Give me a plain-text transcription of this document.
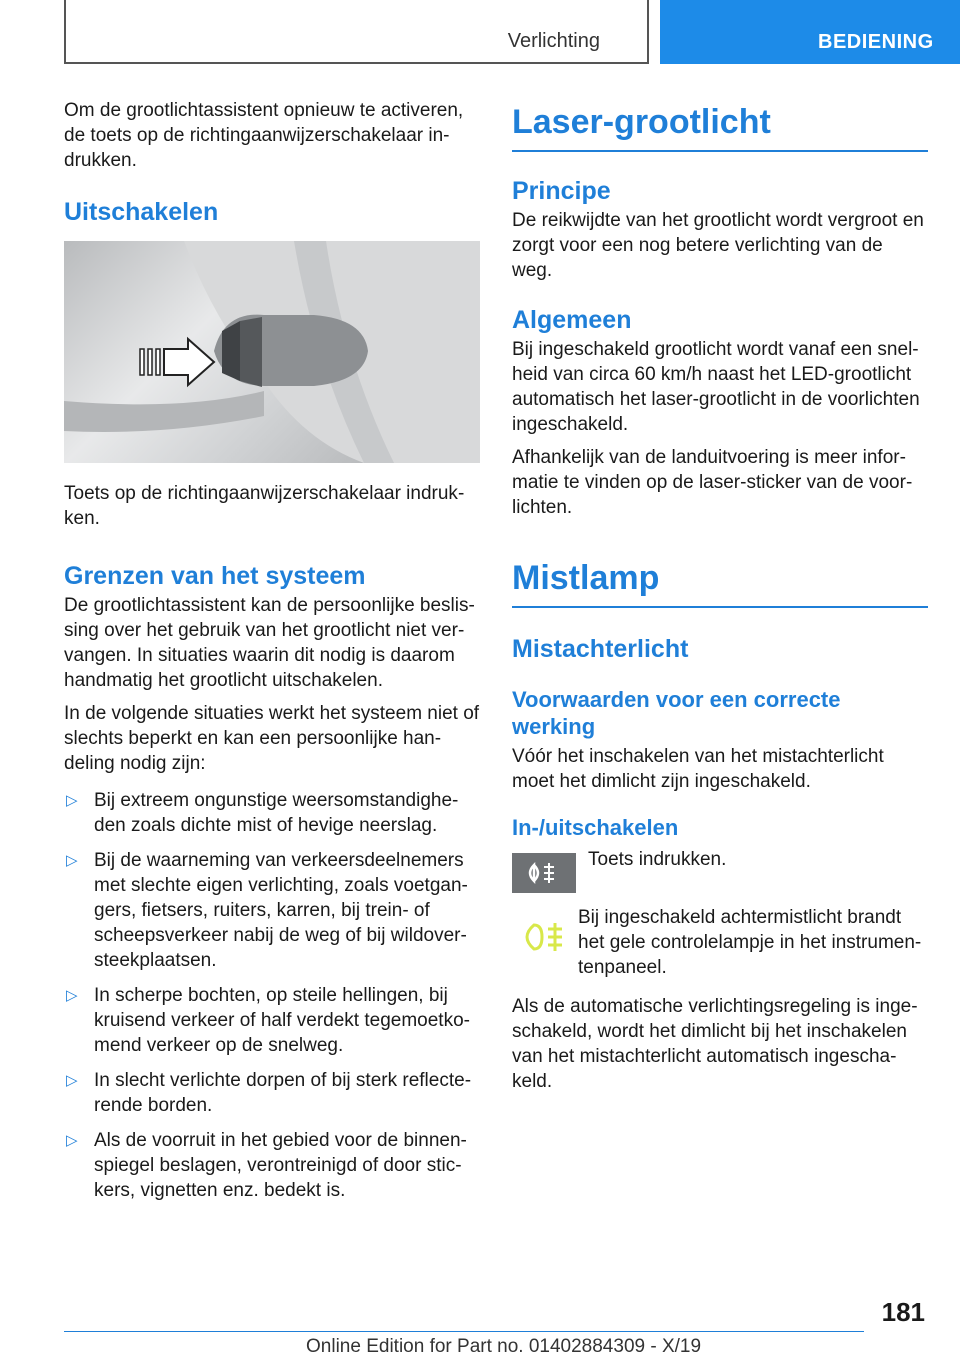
Verlichting	BEDIENING

Om de grootlichtassistent opnieuw te activeren, de toets op de richtingaanwijzerschakelaar indrukken.

Uitschakelen

Toets op de richtingaanwijzerschakelaar indrukken.

Grenzen van het systeem

De grootlichtassistent kan de persoonlijke beslissing over het gebruik van het grootlicht niet vervangen. In situaties waarin dit nodig is daarom handmatig het grootlicht uitschakelen.

In de volgende situaties werkt het systeem niet of slechts beperkt en kan een persoonlijke handeling nodig zijn:

▷ Bij extreem ongunstige weersomstandigheden zoals dichte mist of hevige neerslag.
▷ Bij de waarneming van verkeersdeelnemers met slechte eigen verlichting, zoals voetgangers, fietsers, ruiters, karren, bij trein- of scheepsverkeer nabij de weg of bij wildoversteekplaatsen.
▷ In scherpe bochten, op steile hellingen, bij kruisend verkeer of half verdekt tegemoetkomend verkeer op de snelweg.
▷ In slecht verlichte dorpen of bij sterk reflecterende borden.
▷ Als de voorruit in het gebied voor de binnenspiegel beslagen, verontreinigd of door stickers, vignetten enz. bedekt is.
Laser-grootlicht
Principe

De reikwijdte van het grootlicht wordt vergroot en zorgt voor een nog betere verlichting van de weg.

Algemeen

Bij ingeschakeld grootlicht wordt vanaf een snelheid van circa 60 km/h naast het LED-grootlicht automatisch het laser-grootlicht in de voorlichten ingeschakeld.

Afhankelijk van de landuitvoering is meer informatie te vinden op de laser-sticker van de voorlichten.

Mistlamp
Mistachterlicht
Voorwaarden voor een correcte werking

Vóór het inschakelen van het mistachterlicht moet het dimlicht zijn ingeschakeld.

In-/uitschakelen

Toets indrukken.

Bij ingeschakeld achtermistlicht brandt het gele controlelampje in het instrumentenpaneel.

Als de automatische verlichtingsregeling is ingeschakeld, wordt het dimlicht bij het inschakelen van het mistachterlicht automatisch ingeschakeld.

181
Online Edition for Part no. 01402884309 - X/19
